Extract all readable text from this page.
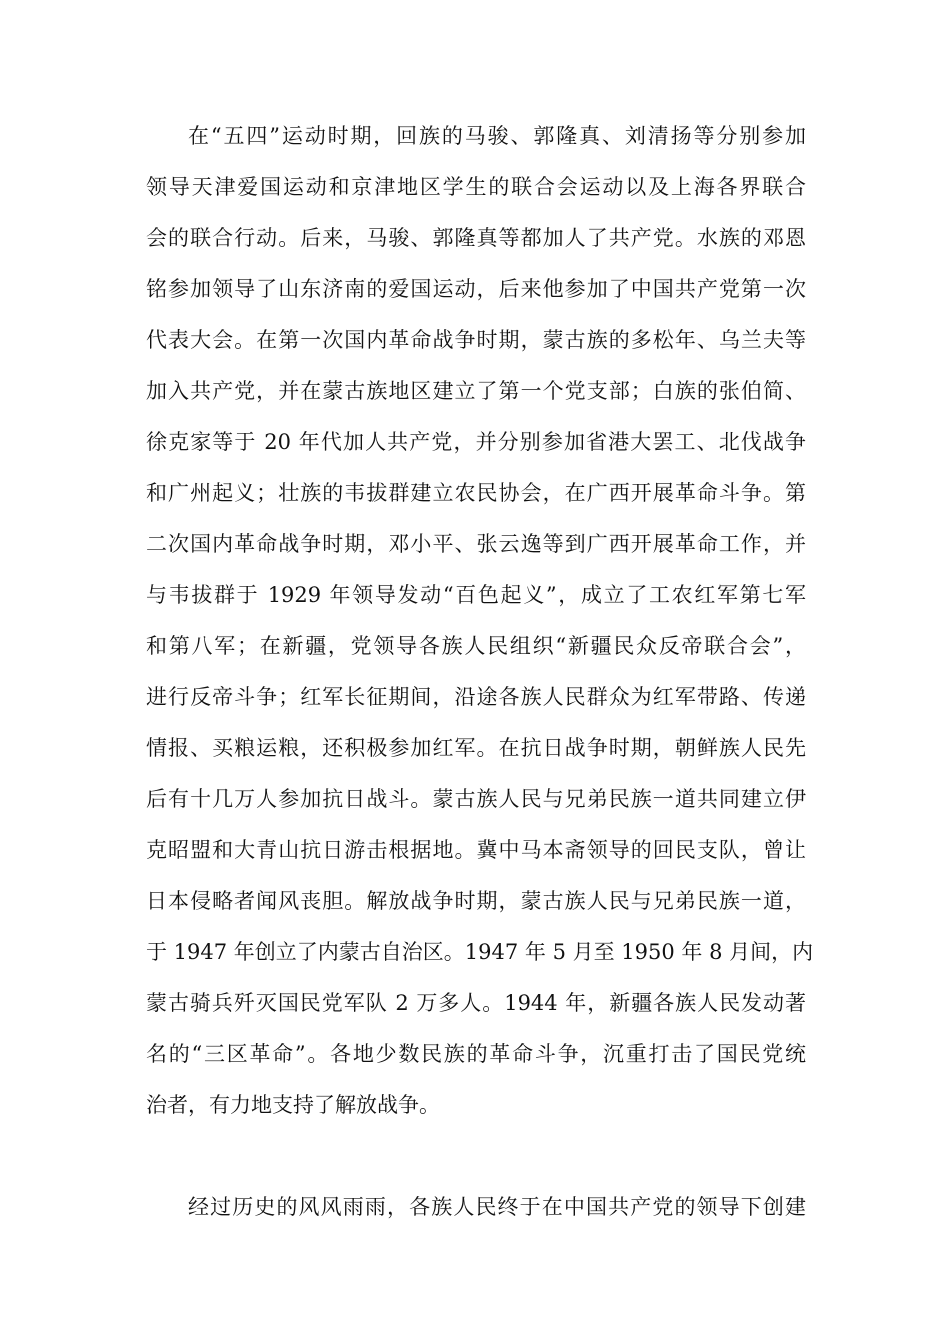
在“五四”运动时期，回族的马骏、郭隆真、刘清扬等分别参加
领导天津爱国运动和京津地区学生的联合会运动以及上海各界联合
会的联合行动。后来，马骏、郭隆真等都加人了共产党。水族的邓恩
铭参加领导了山东济南的爱国运动，后来他参加了中国共产党第一次
代表大会。在第一次国内革命战争时期，蒙古族的多松年、乌兰夫等
加入共产党，并在蒙古族地区建立了第一个党支部；白族的张伯简、
徐克家等于 20 年代加人共产党，并分别参加省港大罢工、北伐战争
和广州起义；壮族的韦拔群建立农民协会，在广西开展革命斗争。第
二次国内革命战争时期，邓小平、张云逸等到广西开展革命工作，并
与韦拔群于 1929 年领导发动“百色起义”，成立了工农红军第七军
和第八军；在新疆，党领导各族人民组织“新疆民众反帝联合会”，
进行反帝斗争；红军长征期间，沿途各族人民群众为红军带路、传递
情报、买粮运粮，还积极参加红军。在抗日战争时期，朝鲜族人民先
后有十几万人参加抗日战斗。蒙古族人民与兄弟民族一道共同建立伊
克昭盟和大青山抗日游击根据地。冀中马本斋领导的回民支队，曾让
日本侵略者闻风丧胆。解放战争时期，蒙古族人民与兄弟民族一道，
于 1947 年创立了内蒙古自治区。1947 年 5 月至 1950 年 8 月间，内
蒙古骑兵歼灭国民党军队 2 万多人。1944 年，新疆各族人民发动著
名的“三区革命”。各地少数民族的革命斗争，沉重打击了国民党统
治者，有力地支持了解放战争。
经过历史的风风雨雨，各族人民终于在中国共产党的领导下创建
